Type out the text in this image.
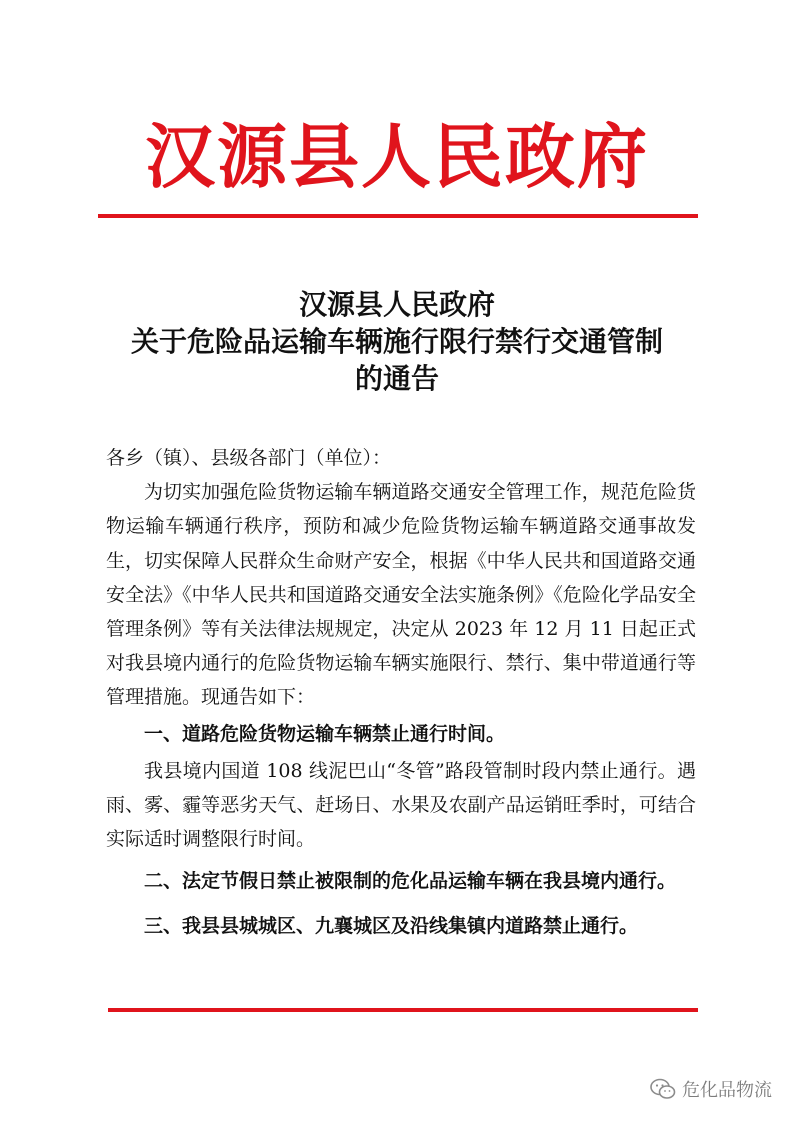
汉源县人民政府
汉源县人民政府
关于危险品运输车辆施行限行禁行交通管制
的通告

各乡（镇）、县级各部门（单位）：

为切实加强危险货物运输车辆道路交通安全管理工作，规范危险货物运输车辆通行秩序，预防和减少危险货物运输车辆道路交通事故发生，切实保障人民群众生命财产安全，根据《中华人民共和国道路交通安全法》《中华人民共和国道路交通安全法实施条例》《危险化学品安全管理条例》等有关法律法规规定，决定从 2023 年 12 月 11 日起正式对我县境内通行的危险货物运输车辆实施限行、禁行、集中带道通行等管理措施。现通告如下：

一、道路危险货物运输车辆禁止通行时间。

我县境内国道 108 线泥巴山“冬管”路段管制时段内禁止通行。遇雨、雾、霾等恶劣天气、赶场日、水果及农副产品运销旺季时，可结合实际适时调整限行时间。

二、法定节假日禁止被限制的危化品运输车辆在我县境内通行。

三、我县县城城区、九襄城区及沿线集镇内道路禁止通行。

危化品物流
